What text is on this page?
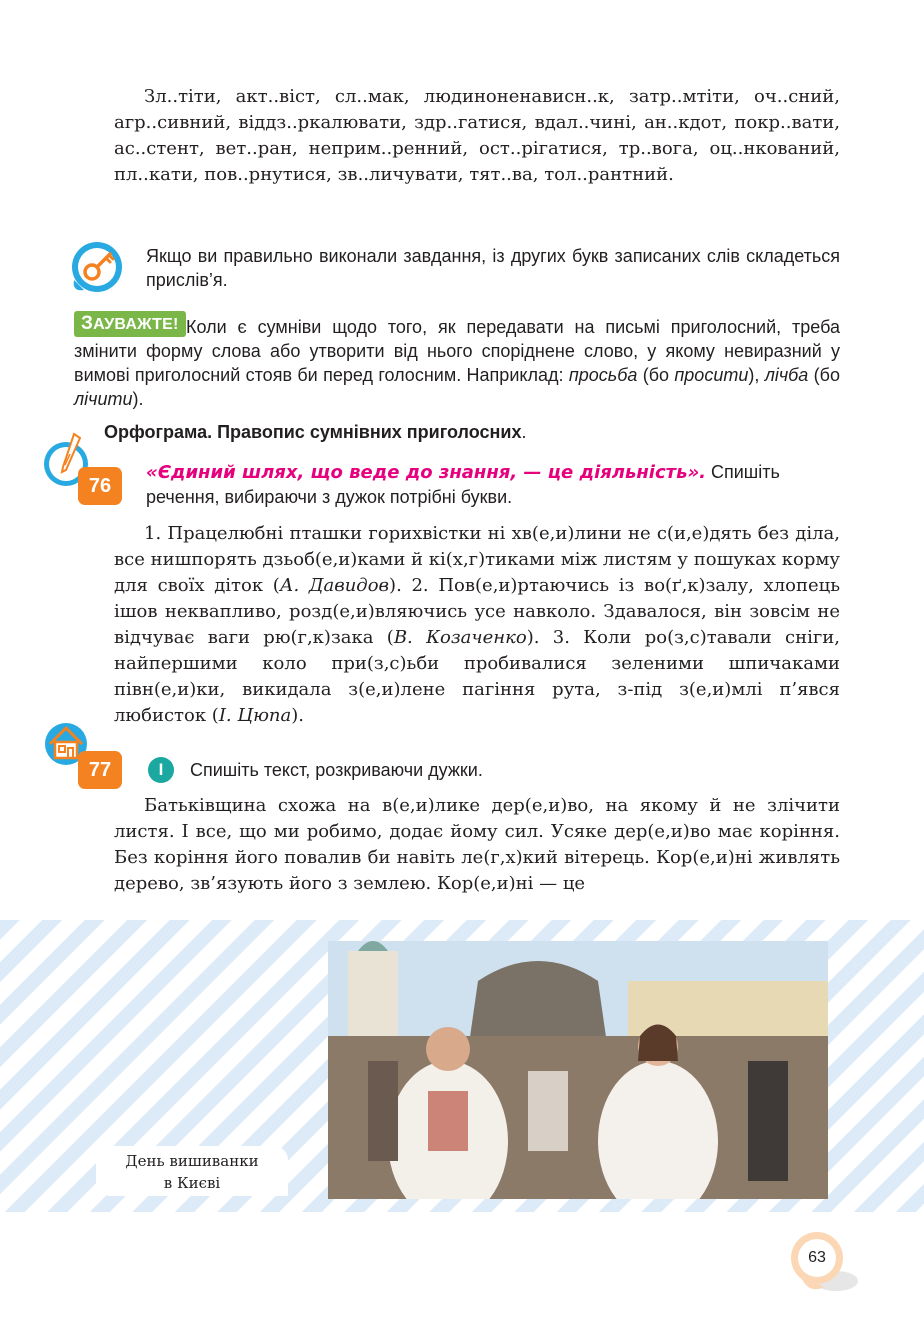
Зл..тіти, акт..віст, сл..мак, людиноненависн..к, затр..мтіти, оч..сний, агр..сивний, віддз..ркалювати, здр..гатися, вдал..чині, ан..кдот, покр..вати, ас..стент, вет..ран, неприм..ренний, ост..рігатися, тр..вога, оц..нкований, пл..кати, пов..рнутися, зв..личувати, тят..ва, тол..рантний.
Якщо ви правильно виконали завдання, із других букв записаних слів складеться прислів’я.
Коли є сумніви щодо того, як передавати на письмі приголосний, треба змінити форму слова або утворити від нього споріднене слово, у якому невиразний у вимові приголосний стояв би перед голосним. Наприклад: просьба (бо просити), лічба (бо лічити).
ЗАУВАЖТЕ!
Орфограма. Правопис сумнівних приголосних.
76
«Єдиний шлях, що веде до знання, — це діяльність». Спишіть речення, вибираючи з дужок потрібні букви.
1. Працелюбні пташки горихвістки ні хв(е,и)лини не с(и,е)дять без діла, все нишпорять дзьоб(е,и)ками й кі(х,г)тиками між листям у пошуках корму для своїх діток (А. Давидов). 2. Пов(е,и)ртаючись із во(ґ,к)залу, хлопець ішов неквапливо, розд(е,и)вляючись усе навколо. Здавалося, він зовсім не відчуває ваги рю(г,к)зака (В. Козаченко). 3. Коли ро(з,с)тавали сніги, найпершими коло при(з,с)ьби пробивалися зеленими шпичаками півн(е,и)ки, викидала з(е,и)лене пагіння рута, з-під з(е,и)млі п’явся любисток (І. Цюпа).
77	І	Спишіть текст, розкриваючи дужки.
Батьківщина схожа на в(е,и)лике дер(е,и)во, на якому й не злічити листя. І все, що ми робимо, додає йому сил. Усяке дер(е,и)во має коріння. Без коріння його повалив би навіть ле(г,х)кий вітерець. Кор(е,и)ні живлять дерево, зв’язують його з землею. Кор(е,и)ні — це
День вишиванки
в Києві
63
